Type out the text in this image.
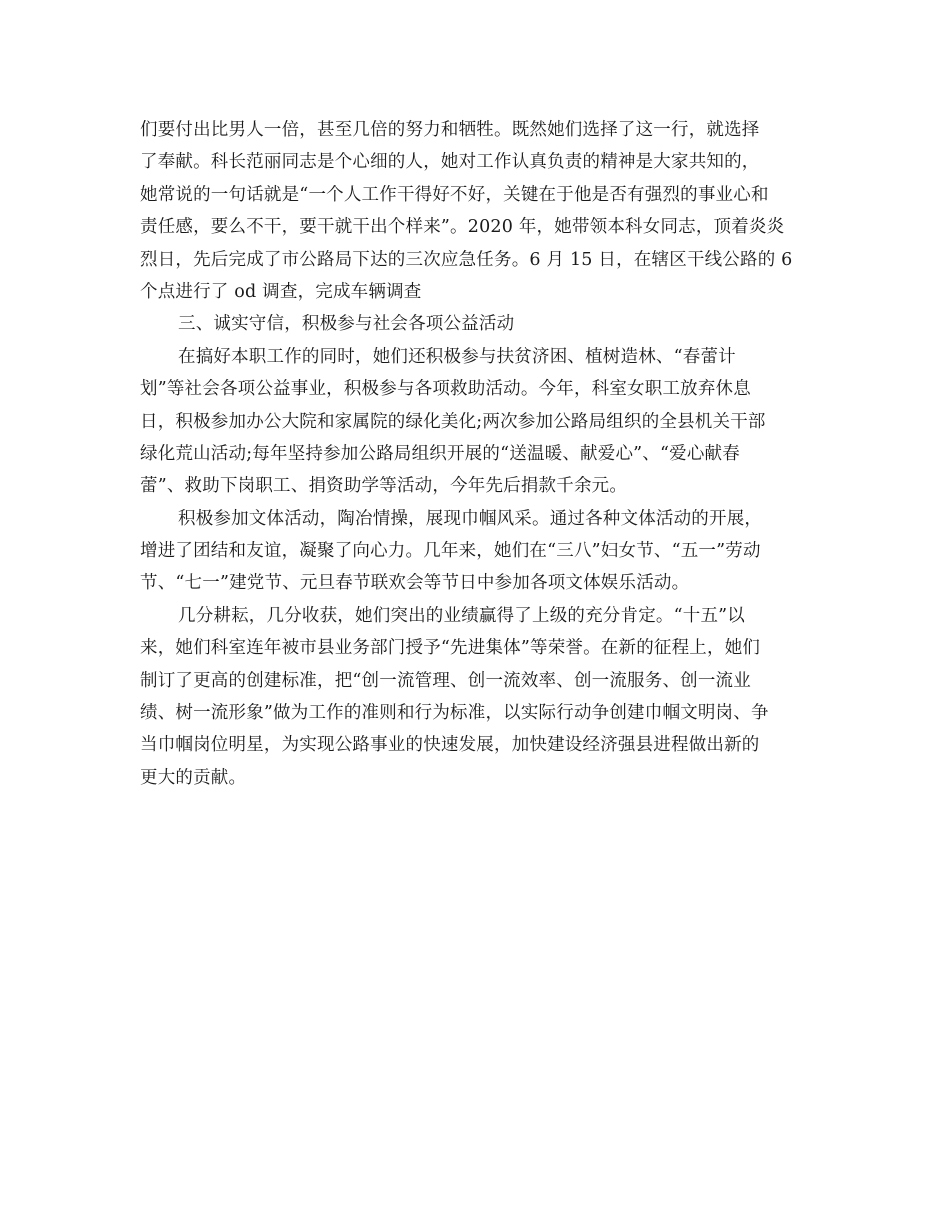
们要付出比男人一倍，甚至几倍的努力和牺牲。既然她们选择了这一行，就选择
了奉献。科长范丽同志是个心细的人，她对工作认真负责的精神是大家共知的，
她常说的一句话就是“一个人工作干得好不好，关键在于他是否有强烈的事业心和
责任感，要么不干，要干就干出个样来”。2020 年，她带领本科女同志，顶着炎炎
烈日，先后完成了市公路局下达的三次应急任务。6 月 15 日，在辖区干线公路的 6
个点进行了 od 调查，完成车辆调查
三、诚实守信，积极参与社会各项公益活动
在搞好本职工作的同时，她们还积极参与扶贫济困、植树造林、“春蕾计
划”等社会各项公益事业，积极参与各项救助活动。今年，科室女职工放弃休息
日，积极参加办公大院和家属院的绿化美化;两次参加公路局组织的全县机关干部
绿化荒山活动;每年坚持参加公路局组织开展的“送温暖、献爱心”、“爱心献春
蕾”、救助下岗职工、捐资助学等活动，今年先后捐款千余元。
积极参加文体活动，陶冶情操，展现巾帼风采。通过各种文体活动的开展，
增进了团结和友谊，凝聚了向心力。几年来，她们在“三八”妇女节、“五一”劳动
节、“七一”建党节、元旦春节联欢会等节日中参加各项文体娱乐活动。
几分耕耘，几分收获，她们突出的业绩赢得了上级的充分肯定。“十五”以
来，她们科室连年被市县业务部门授予“先进集体”等荣誉。在新的征程上，她们
制订了更高的创建标准，把“创一流管理、创一流效率、创一流服务、创一流业
绩、树一流形象”做为工作的准则和行为标准，以实际行动争创建巾帼文明岗、争
当巾帼岗位明星，为实现公路事业的快速发展，加快建设经济强县进程做出新的
更大的贡献。
